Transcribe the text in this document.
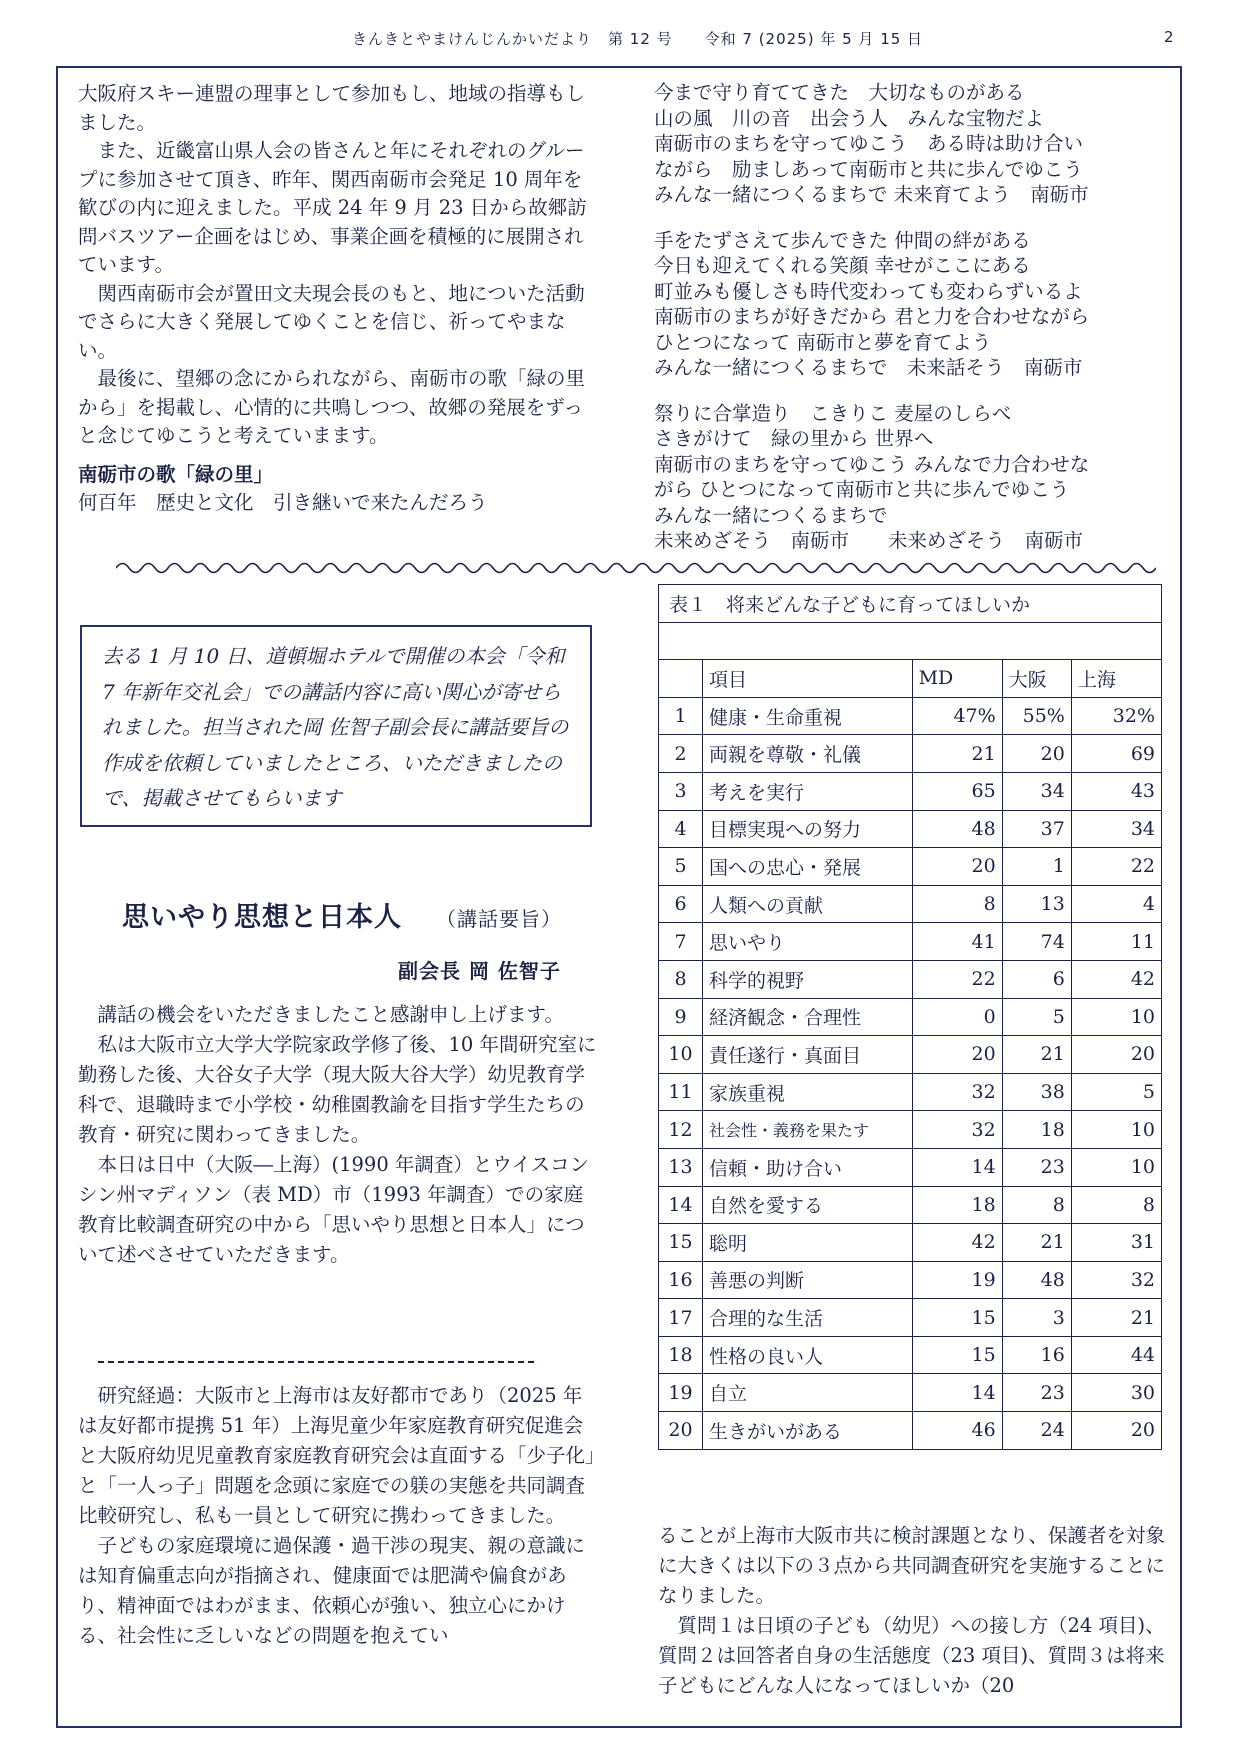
きんきとやまけんじんかいだより　第 12 号　　令和 7 (2025) 年 5 月 15 日	2

大阪府スキー連盟の理事として参加もし、地域の指導もしました。

また、近畿富山県人会の皆さんと年にそれぞれのグループに参加させて頂き、昨年、関西南砺市会発足 10 周年を歓びの内に迎えました。平成 24 年 9 月 23 日から故郷訪問バスツアー企画をはじめ、事業企画を積極的に展開されています。

関西南砺市会が置田文夫現会長のもと、地についた活動でさらに大きく発展してゆくことを信じ、祈ってやまない。

最後に、望郷の念にかられながら、南砺市の歌「緑の里から」を掲載し、心情的に共鳴しつつ、故郷の発展をずっと念じてゆこうと考えていまます。

南砺市の歌「緑の里」

何百年　歴史と文化　引き継いで来たんだろう

今まで守り育ててきた　大切なものがある

山の風　川の音　出会う人　みんな宝物だよ

南砺市のまちを守ってゆこう　ある時は助け合い

ながら　励ましあって南砺市と共に歩んでゆこう

みんな一緒につくるまちで 未来育てよう　南砺市

手をたずさえて歩んできた 仲間の絆がある

今日も迎えてくれる笑顔 幸せがここにある

町並みも優しさも時代変わっても変わらずいるよ

南砺市のまちが好きだから 君と力を合わせながら

ひとつになって 南砺市と夢を育てよう

みんな一緒につくるまちで　未来話そう　南砺市

祭りに合掌造り　こきりこ 麦屋のしらべ

さきがけて　緑の里から 世界へ

南砺市のまちを守ってゆこう みんなで力合わせな

がら ひとつになって南砺市と共に歩んでゆこう

みんな一緒につくるまちで

未来めざそう　南砺市　　未来めざそう　南砺市

去る 1 月 10 日、道頓堀ホテルで開催の本会「令和 7 年新年交礼会」での講話内容に高い関心が寄せられました。担当された岡 佐智子副会長に講話要旨の作成を依頼していましたところ、いただきましたので、掲載させてもらいます

思いやり思想と日本人 （講話要旨）
副会長 岡 佐智子

講話の機会をいただきましたこと感謝申し上げます。

私は大阪市立大学大学院家政学修了後、10 年間研究室に勤務した後、大谷女子大学（現大阪大谷大学）幼児教育学科で、退職時まで小学校・幼稚園教諭を目指す学生たちの教育・研究に関わってきました。

本日は日中（大阪―上海）(1990 年調査）とウイスコンシン州マディソン（表 MD）市（1993 年調査）での家庭教育比較調査研究の中から「思いやり思想と日本人」について述べさせていただきます。

研究経過：大阪市と上海市は友好都市であり（2025 年は友好都市提携 51 年）上海児童少年家庭教育研究促進会と大阪府幼児児童教育家庭教育研究会は直面する「少子化」と「一人っ子」問題を念頭に家庭での躾の実態を共同調査比較研究し、私も一員として研究に携わってきました。

子どもの家庭環境に過保護・過干渉の現実、親の意識には知育偏重志向が指摘され、健康面では肥満や偏食があり、精神面ではわがまま、依頼心が強い、独立心にかける、社会性に乏しいなどの問題を抱えてい

表１　将来どんな子どもに育ってほしいか				

	項目	MD	大阪	上海
1	健康・生命重視	47%	55%	32%
2	両親を尊敬・礼儀	21	20	69
3	考えを実行	65	34	43
4	目標実現への努力	48	37	34
5	国への忠心・発展	20	1	22
6	人類への貢献	8	13	4
7	思いやり	41	74	11
8	科学的視野	22	6	42
9	経済観念・合理性	0	5	10
10	責任遂行・真面目	20	21	20
11	家族重視	32	38	5
12	社会性・義務を果たす	32	18	10
13	信頼・助け合い	14	23	10
14	自然を愛する	18	8	8
15	聡明	42	21	31
16	善悪の判断	19	48	32
17	合理的な生活	15	3	21
18	性格の良い人	15	16	44
19	自立	14	23	30
20	生きがいがある	46	24	20

ることが上海市大阪市共に検討課題となり、保護者を対象に大きくは以下の３点から共同調査研究を実施することになりました。

質問１は日頃の子ども（幼児）への接し方（24 項目)、質問２は回答者自身の生活態度（23 項目)、質問３は将来子どもにどんな人になってほしいか（20
